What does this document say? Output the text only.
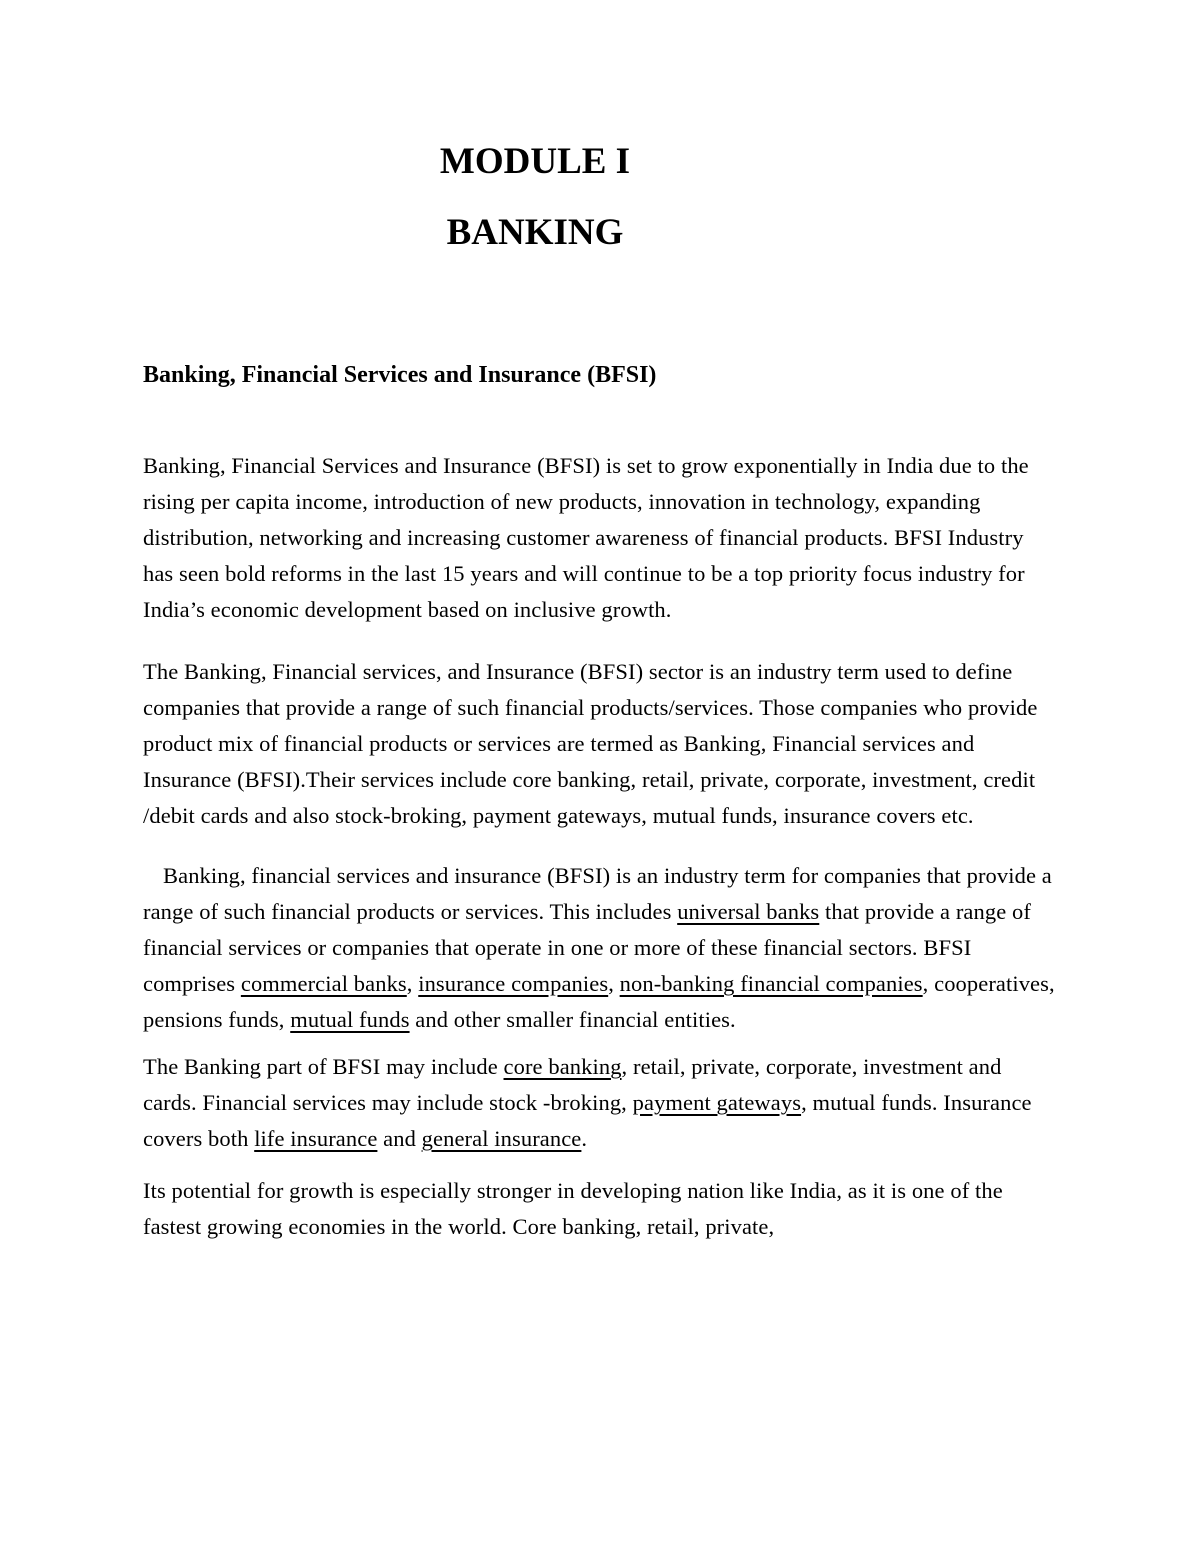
MODULE I
BANKING
Banking, Financial Services and Insurance (BFSI)

Banking, Financial Services and Insurance (BFSI) is set to grow exponentially in India due to the rising per capita income, introduction of new products, innovation in technology, expanding distribution, networking and increasing customer awareness of financial products. BFSI Industry has seen bold reforms in the last 15 years and will continue to be a top priority focus industry for India’s economic development based on inclusive growth.

The Banking, Financial services, and Insurance (BFSI) sector is an industry term used to define companies that provide a range of such financial products/services. Those companies who provide product mix of financial products or services are termed as Banking, Financial services and Insurance (BFSI).Their services include core banking, retail, private, corporate, investment, credit /debit cards and also stock-broking, payment gateways, mutual funds, insurance covers etc.

Banking, financial services and insurance (BFSI) is an industry term for companies that provide a range of such financial products or services. This includes universal banks that provide a range of financial services or companies that operate in one or more of these financial sectors. BFSI comprises commercial banks, insurance companies, non-banking financial companies, cooperatives, pensions funds, mutual funds and other smaller financial entities.

The Banking part of BFSI may include core banking, retail, private, corporate, investment and cards. Financial services may include stock -broking, payment gateways, mutual funds. Insurance covers both life insurance and general insurance.

Its potential for growth is especially stronger in developing nation like India, as it is one of the fastest growing economies in the world. Core banking, retail, private,
